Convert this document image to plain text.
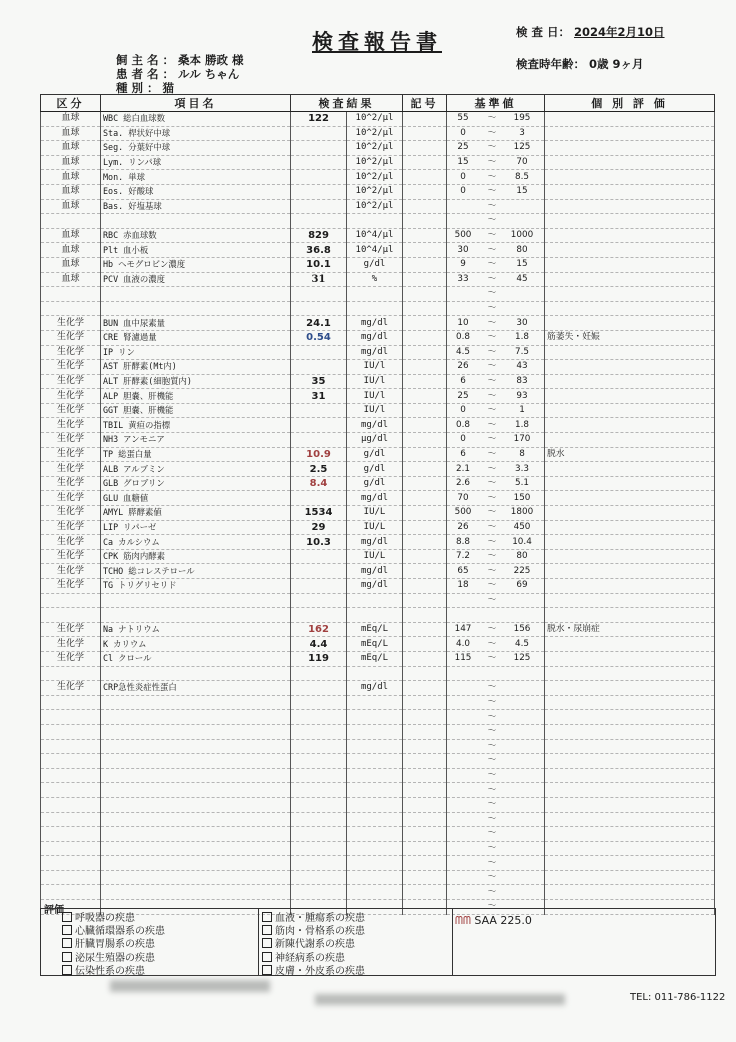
検査報告書
飼 主 名 ： 桑本 勝政 様
患 者 名 ： ルル ちゃん
種 別 ： 猫
検 査 日： 2024年2月10日
検査時年齢： 0歳 9ヶ月
区分	項目名	検査結果		記号	基準値	個 別 評 価
血球	WBC 総白血球数	122	10^2/μl		55 ～ 195	

血球	Sta. 桿状好中球		10^2/μl		0 ～ 3	

血球	Seg. 分葉好中球		10^2/μl		25 ～ 125	

血球	Lym. リンパ球		10^2/μl		15 ～ 70	

血球	Mon. 単球		10^2/μl		0 ～ 8.5	

血球	Eos. 好酸球		10^2/μl		0 ～ 15	

血球	Bas. 好塩基球		10^2/μl		～	

					～	

血球	RBC 赤血球数	829	10^4/μl		500 ～ 1000	

血球	Plt 血小板	36.8	10^4/μl		30 ～ 80	

血球	Hb ヘモグロビン濃度	10.1	g/dl		9 ～ 15	

血球	PCV 血液の濃度	31	%		33 ～ 45	

					～	

					～	

生化学	BUN 血中尿素量	24.1	mg/dl		10 ～ 30	

生化学	CRE 腎濾過量	0.54	mg/dl		0.8 ～ 1.8	筋萎失・妊娠
生化学	IP リン		mg/dl		4.5 ～ 7.5	

生化学	AST 肝酵素(Mt内)		IU/l		26 ～ 43	

生化学	ALT 肝酵素(細胞質内)	35	IU/l		6 ～ 83	

生化学	ALP 胆嚢、肝機能	31	IU/l		25 ～ 93	

生化学	GGT 胆嚢、肝機能		IU/l		0 ～ 1	

生化学	TBIL 黄疸の指標		mg/dl		0.8 ～ 1.8	

生化学	NH3 アンモニア		μg/dl		0 ～ 170	

生化学	TP 総蛋白量	10.9	g/dl		6 ～ 8	脱水
生化学	ALB アルブミン	2.5	g/dl		2.1 ～ 3.3	

生化学	GLB グロブリン	8.4	g/dl		2.6 ～ 5.1	

生化学	GLU 血糖値		mg/dl		70 ～ 150	

生化学	AMYL 膵酵素値	1534	IU/L		500 ～ 1800	

生化学	LIP リパーゼ	29	IU/L		26 ～ 450	

生化学	Ca カルシウム	10.3	mg/dl		8.8 ～ 10.4	

生化学	CPK 筋肉内酵素		IU/L		7.2 ～ 80	

生化学	TCHO 総コレステロール		mg/dl		65 ～ 225	

生化学	TG トリグリセリド		mg/dl		18 ～ 69	

					～	

生化学	Na ナトリウム	162	mEq/L		147 ～ 156	脱水・尿崩症
生化学	K カリウム	4.4	mEq/L		4.0 ～ 4.5	

生化学	Cl クロール	119	mEq/L		115 ～ 125	

生化学	CRP急性炎症性蛋白		mg/dl		～	

					～	

					～	

					～	

					～	

					～	

					～	

					～	

					～	

					～	

					～	

					～	

					～	

					～	

					～	

					～	

評価
呼吸器の疾患
心臓循環器系の疾患
肝臓胃腸系の疾患
泌尿生殖器の疾患
伝染性系の疾患
血液・腫瘍系の疾患
筋肉・骨格系の疾患
新陳代謝系の疾患
神経病系の疾患
皮膚・外皮系の疾患
ᗰᗰ SAA 225.0
TEL: 011-786-1122
